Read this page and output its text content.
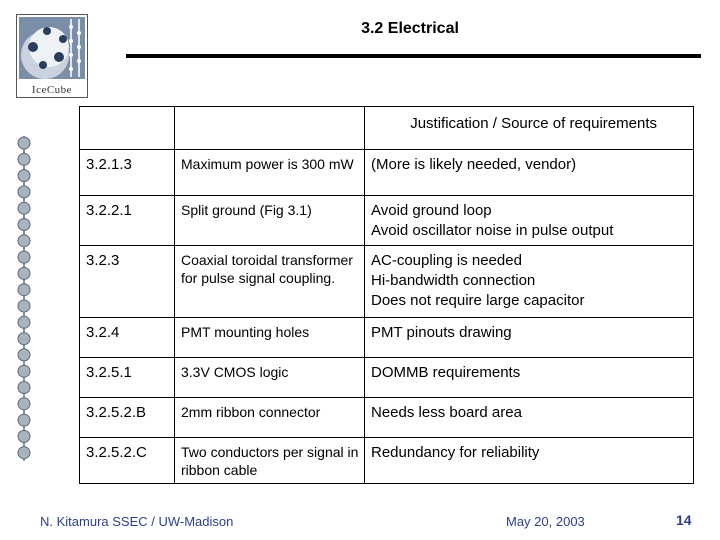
IceCube
3.2 Electrical
		Justification / Source of requirements
3.2.1.3	Maximum power is 300 mW	(More is likely needed, vendor)

3.2.2.1	Split ground (Fig 3.1)	Avoid ground loop
Avoid oscillator noise in pulse output

3.2.3	Coaxial toroidal transformer for pulse signal coupling.	AC-coupling is needed
Hi-bandwidth connection
Does not require large capacitor

3.2.4	PMT mounting holes	PMT pinouts drawing

3.2.5.1	3.3V CMOS logic	DOMMB requirements

3.2.5.2.B	2mm ribbon connector	Needs less board area

3.2.5.2.C	Two conductors per signal in ribbon cable	Redundancy for reliability
N. Kitamura SSEC / UW-Madison	May 20, 2003	14
